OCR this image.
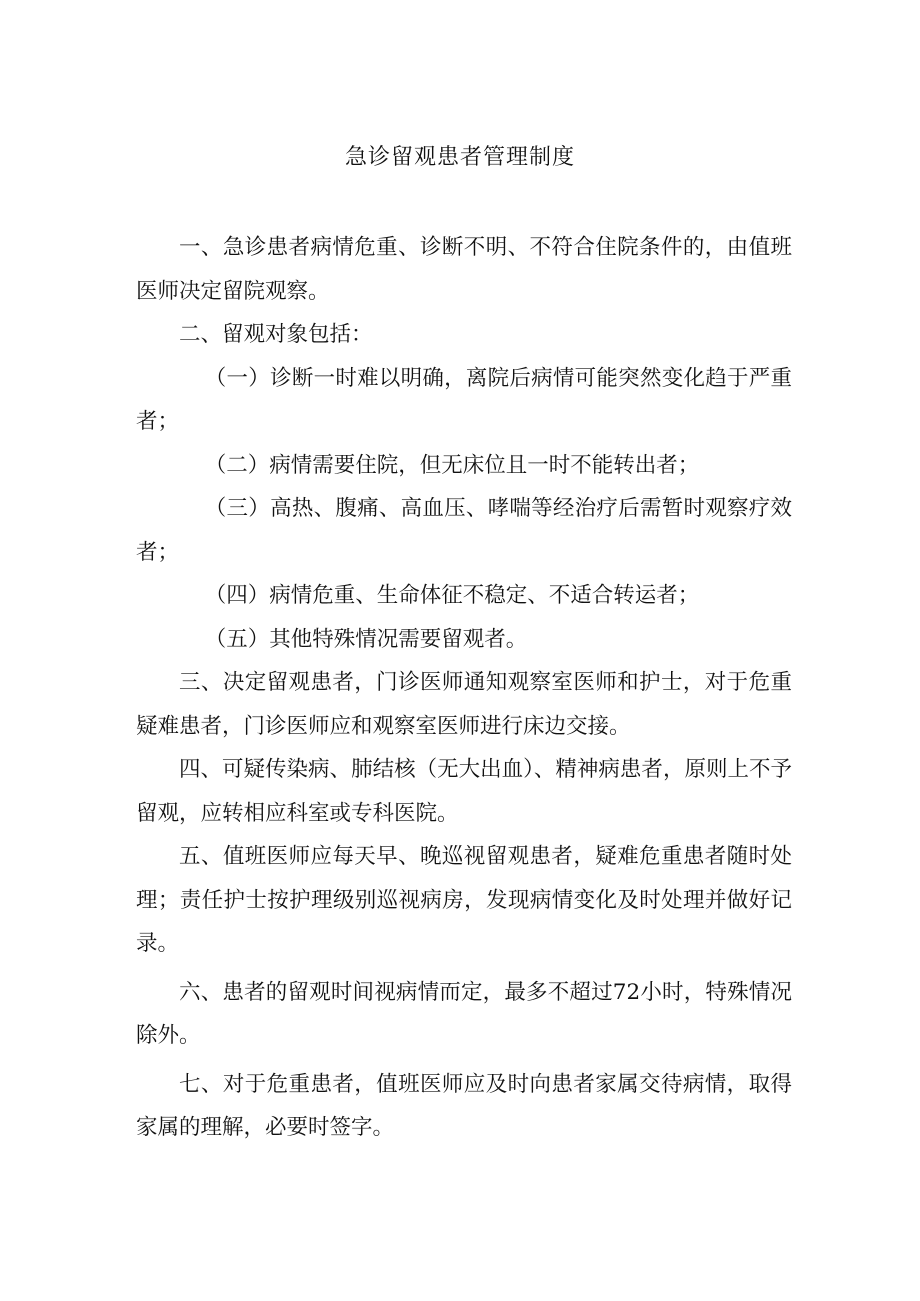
急诊留观患者管理制度

一、急诊患者病情危重、诊断不明、不符合住院条件的，由值班医师决定留院观察。

二、留观对象包括：

（一）诊断一时难以明确，离院后病情可能突然变化趋于严重者；

（二）病情需要住院，但无床位且一时不能转出者；

（三）高热、腹痛、高血压、哮喘等经治疗后需暂时观察疗效者；

（四）病情危重、生命体征不稳定、不适合转运者；

（五）其他特殊情况需要留观者。

三、决定留观患者，门诊医师通知观察室医师和护士，对于危重疑难患者，门诊医师应和观察室医师进行床边交接。

四、可疑传染病、肺结核（无大出血）、精神病患者，原则上不予留观，应转相应科室或专科医院。

五、值班医师应每天早、晚巡视留观患者，疑难危重患者随时处理；责任护士按护理级别巡视病房，发现病情变化及时处理并做好记录。

六、患者的留观时间视病情而定，最多不超过72小时，特殊情况除外。

七、对于危重患者，值班医师应及时向患者家属交待病情，取得家属的理解，必要时签字。
